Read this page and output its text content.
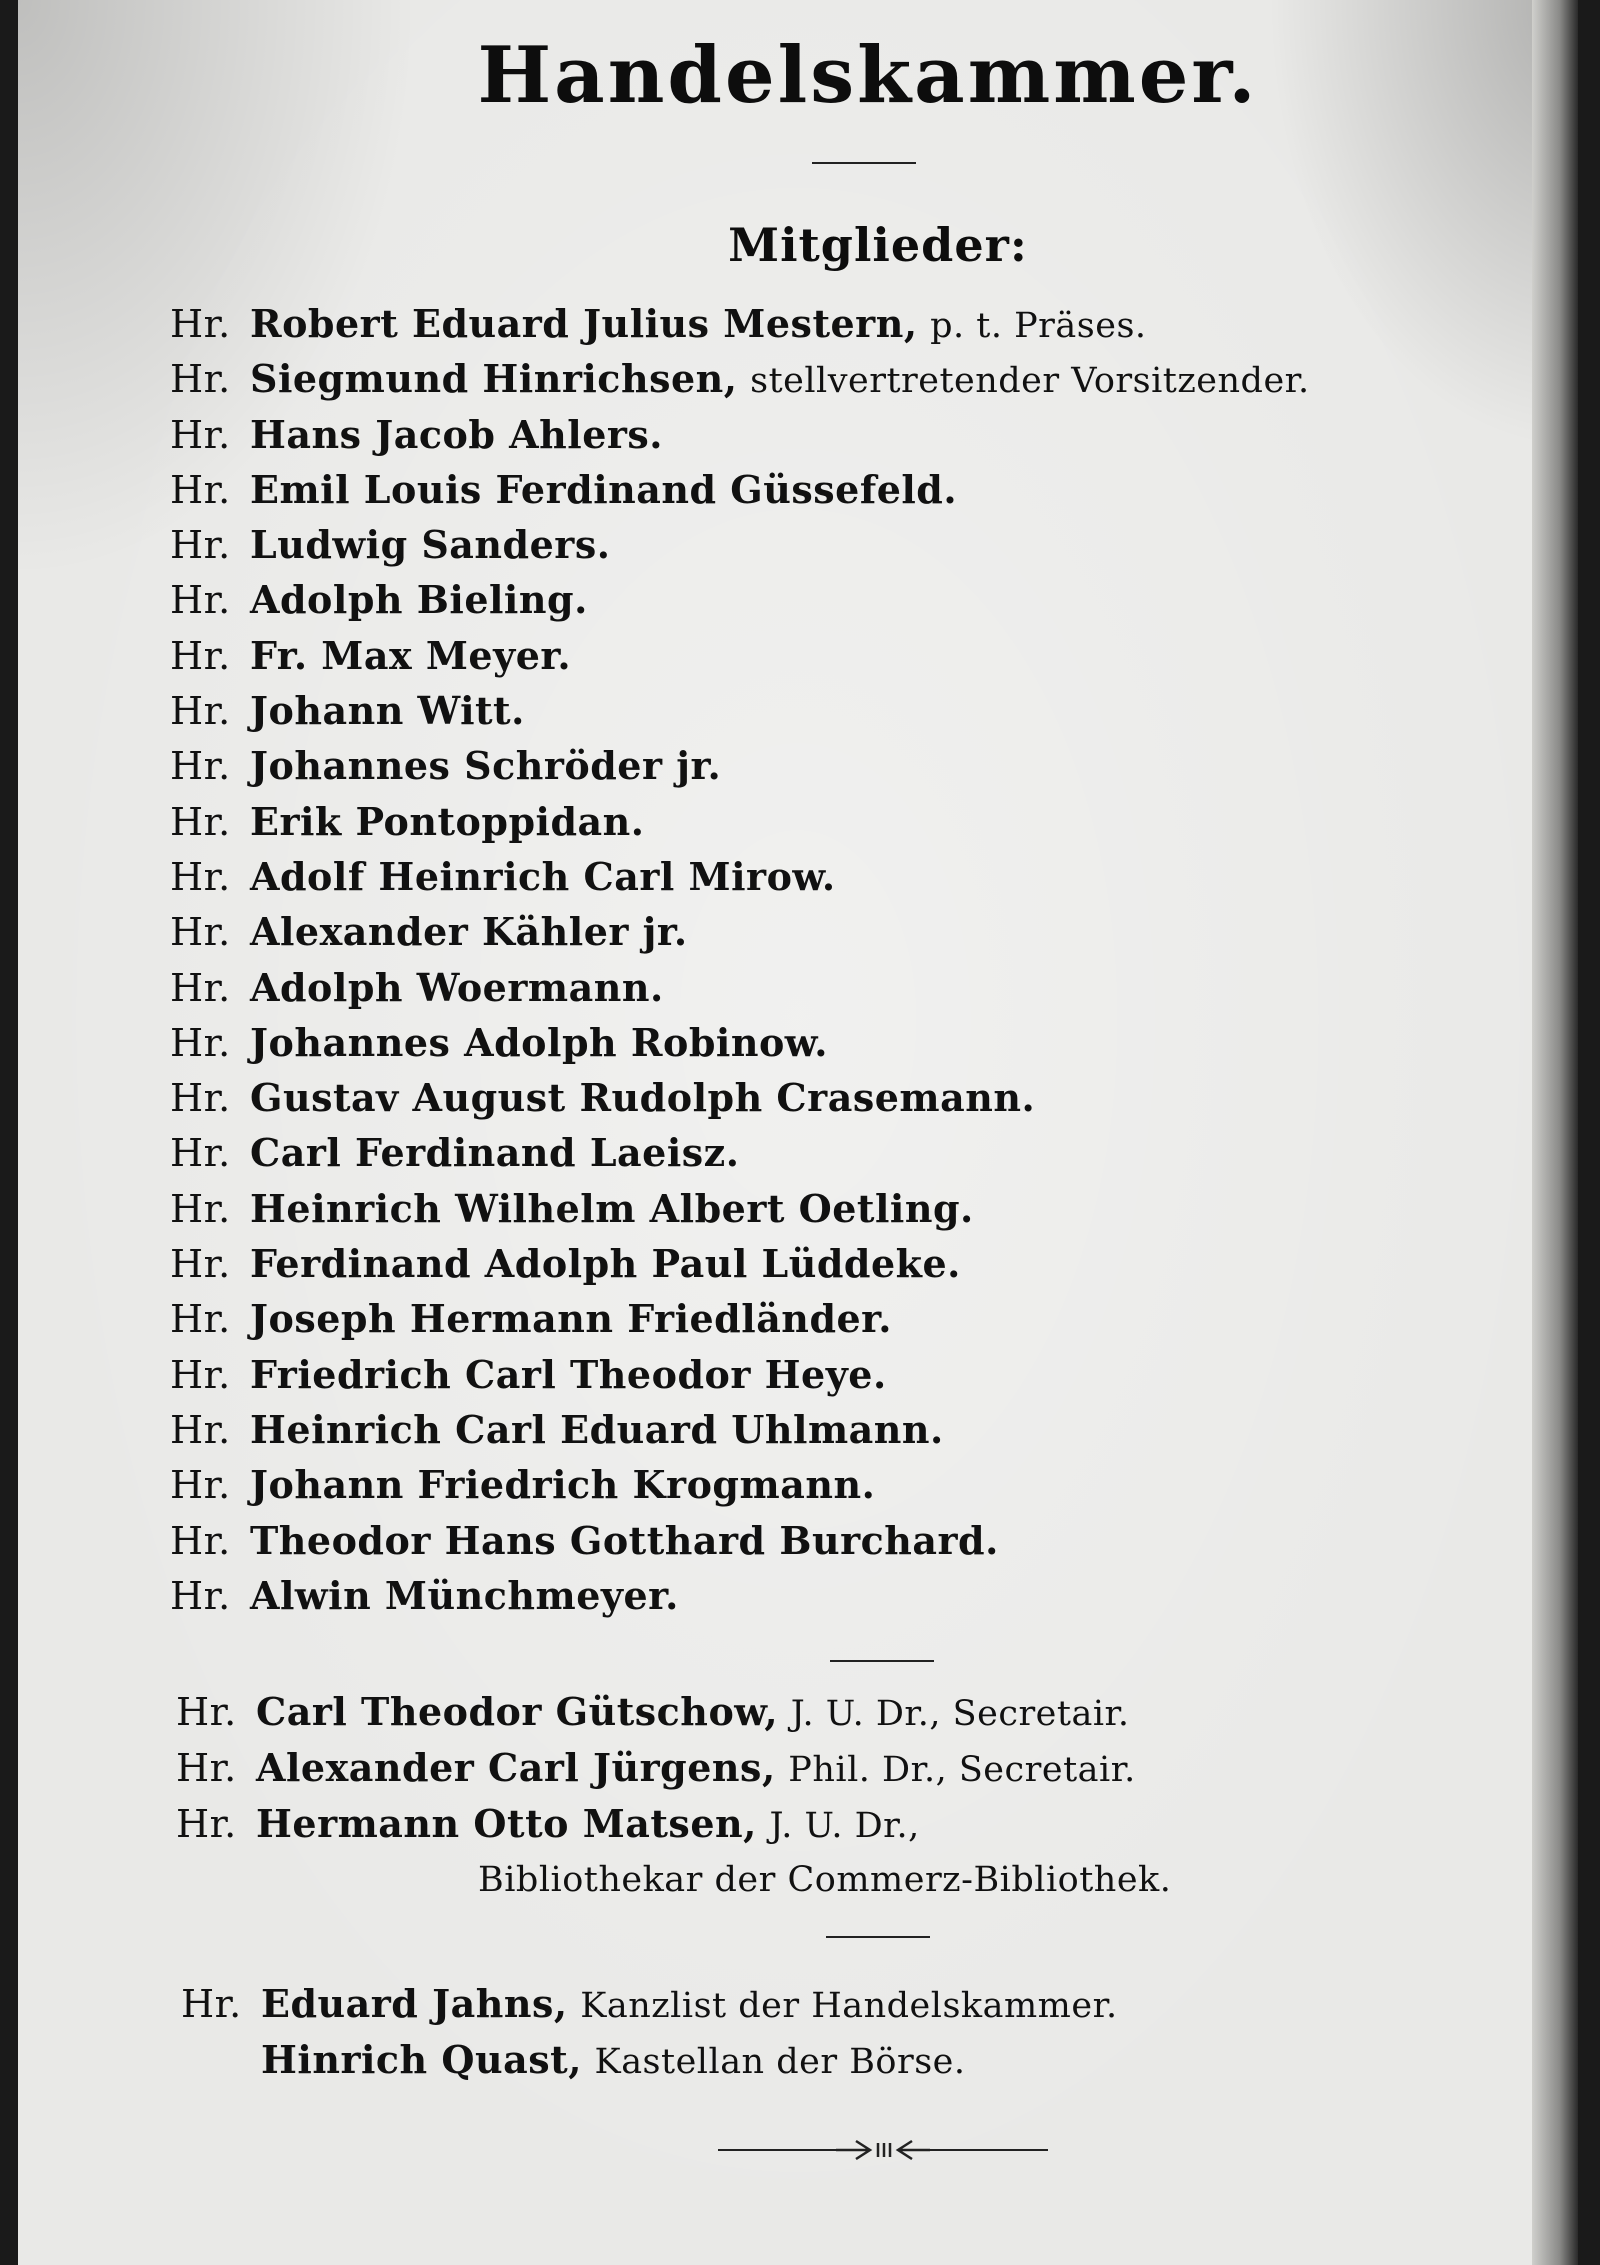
Handelskammer.
Mitglieder:
Hr. Robert Eduard Julius Mestern, p. t. Präses.
Hr. Siegmund Hinrichsen, stellvertretender Vorsitzender.
Hr. Hans Jacob Ahlers.
Hr. Emil Louis Ferdinand Güssefeld.
Hr. Ludwig Sanders.
Hr. Adolph Bieling.
Hr. Fr. Max Meyer.
Hr. Johann Witt.
Hr. Johannes Schröder jr.
Hr. Erik Pontoppidan.
Hr. Adolf Heinrich Carl Mirow.
Hr. Alexander Kähler jr.
Hr. Adolph Woermann.
Hr. Johannes Adolph Robinow.
Hr. Gustav August Rudolph Crasemann.
Hr. Carl Ferdinand Laeisz.
Hr. Heinrich Wilhelm Albert Oetling.
Hr. Ferdinand Adolph Paul Lüddeke.
Hr. Joseph Hermann Friedländer.
Hr. Friedrich Carl Theodor Heye.
Hr. Heinrich Carl Eduard Uhlmann.
Hr. Johann Friedrich Krogmann.
Hr. Theodor Hans Gotthard Burchard.
Hr. Alwin Münchmeyer.
Hr. Carl Theodor Gütschow, J. U. Dr., Secretair.
Hr. Alexander Carl Jürgens, Phil. Dr., Secretair.
Hr. Hermann Otto Matsen, J. U. Dr.,
Bibliothekar der Commerz-Bibliothek.
Hr. Eduard Jahns, Kanzlist der Handelskammer.
Hinrich Quast, Kastellan der Börse.
